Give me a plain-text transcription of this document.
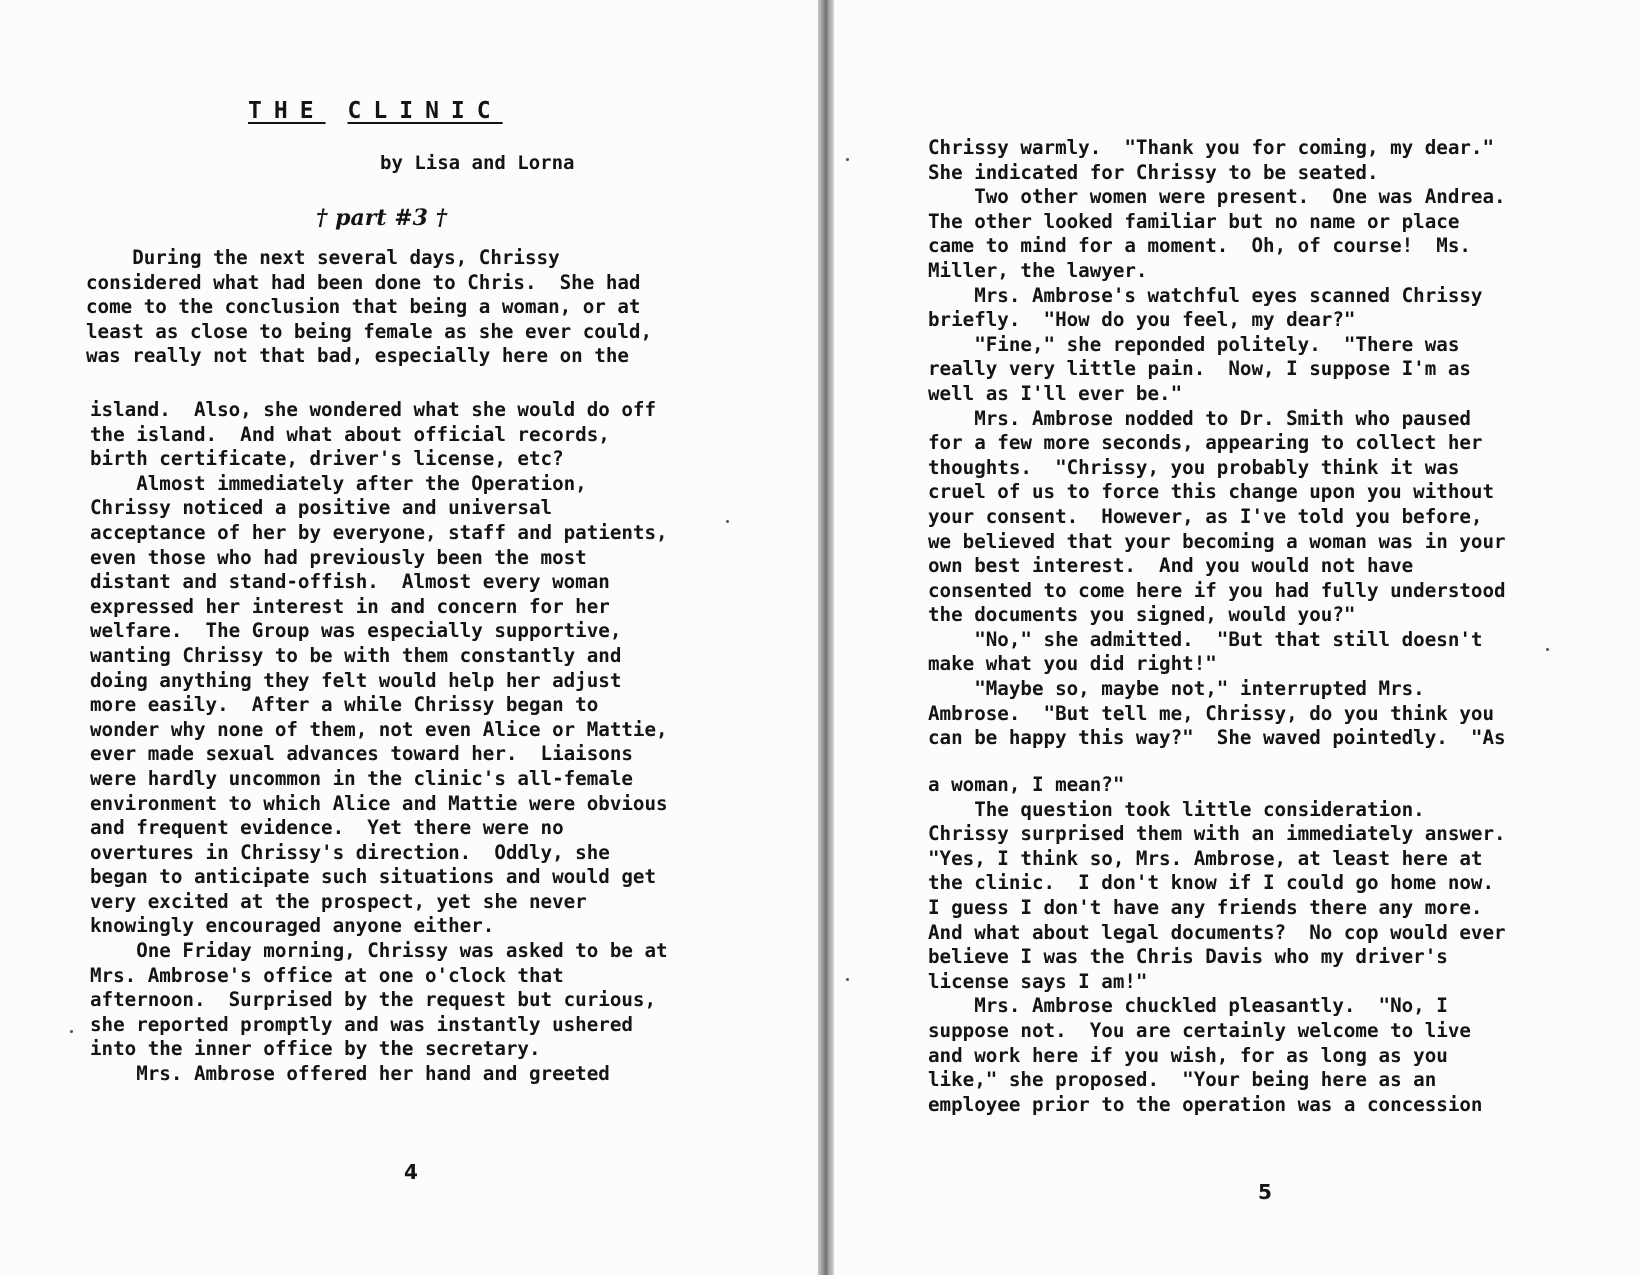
THE CLINIC

by Lisa and Lorna

† part #3 †

During the next several days, Chrissy
considered what had been done to Chris.  She had
come to the conclusion that being a woman, or at
least as close to being female as she ever could,
was really not that bad, especially here on the
island.  Also, she wondered what she would do off
the island.  And what about official records,
birth certificate, driver's license, etc?
Almost immediately after the Operation,
Chrissy noticed a positive and universal
acceptance of her by everyone, staff and patients,
even those who had previously been the most
distant and stand-offish.  Almost every woman
expressed her interest in and concern for her
welfare.  The Group was especially supportive,
wanting Chrissy to be with them constantly and
doing anything they felt would help her adjust
more easily.  After a while Chrissy began to
wonder why none of them, not even Alice or Mattie,
ever made sexual advances toward her.  Liaisons
were hardly uncommon in the clinic's all-female
environment to which Alice and Mattie were obvious
and frequent evidence.  Yet there were no
overtures in Chrissy's direction.  Oddly, she
began to anticipate such situations and would get
very excited at the prospect, yet she never
knowingly encouraged anyone either.
One Friday morning, Chrissy was asked to be at
Mrs. Ambrose's office at one o'clock that
afternoon.  Surprised by the request but curious,
she reported promptly and was instantly ushered
into the inner office by the secretary.
Mrs. Ambrose offered her hand and greeted

4

Chrissy warmly.  "Thank you for coming, my dear."
She indicated for Chrissy to be seated.
Two other women were present.  One was Andrea.
The other looked familiar but no name or place
came to mind for a moment.  Oh, of course!  Ms.
Miller, the lawyer.
Mrs. Ambrose's watchful eyes scanned Chrissy
briefly.  "How do you feel, my dear?"
"Fine," she reponded politely.  "There was
really very little pain.  Now, I suppose I'm as
well as I'll ever be."
Mrs. Ambrose nodded to Dr. Smith who paused
for a few more seconds, appearing to collect her
thoughts.  "Chrissy, you probably think it was
cruel of us to force this change upon you without
your consent.  However, as I've told you before,
we believed that your becoming a woman was in your
own best interest.  And you would not have
consented to come here if you had fully understood
the documents you signed, would you?"
"No," she admitted.  "But that still doesn't
make what you did right!"
"Maybe so, maybe not," interrupted Mrs.
Ambrose.  "But tell me, Chrissy, do you think you
can be happy this way?"  She waved pointedly.  "As
a woman, I mean?"
The question took little consideration.
Chrissy surprised them with an immediately answer.
"Yes, I think so, Mrs. Ambrose, at least here at
the clinic.  I don't know if I could go home now.
I guess I don't have any friends there any more.
And what about legal documents?  No cop would ever
believe I was the Chris Davis who my driver's
license says I am!"
Mrs. Ambrose chuckled pleasantly.  "No, I
suppose not.  You are certainly welcome to live
and work here if you wish, for as long as you
like," she proposed.  "Your being here as an
employee prior to the operation was a concession

5
